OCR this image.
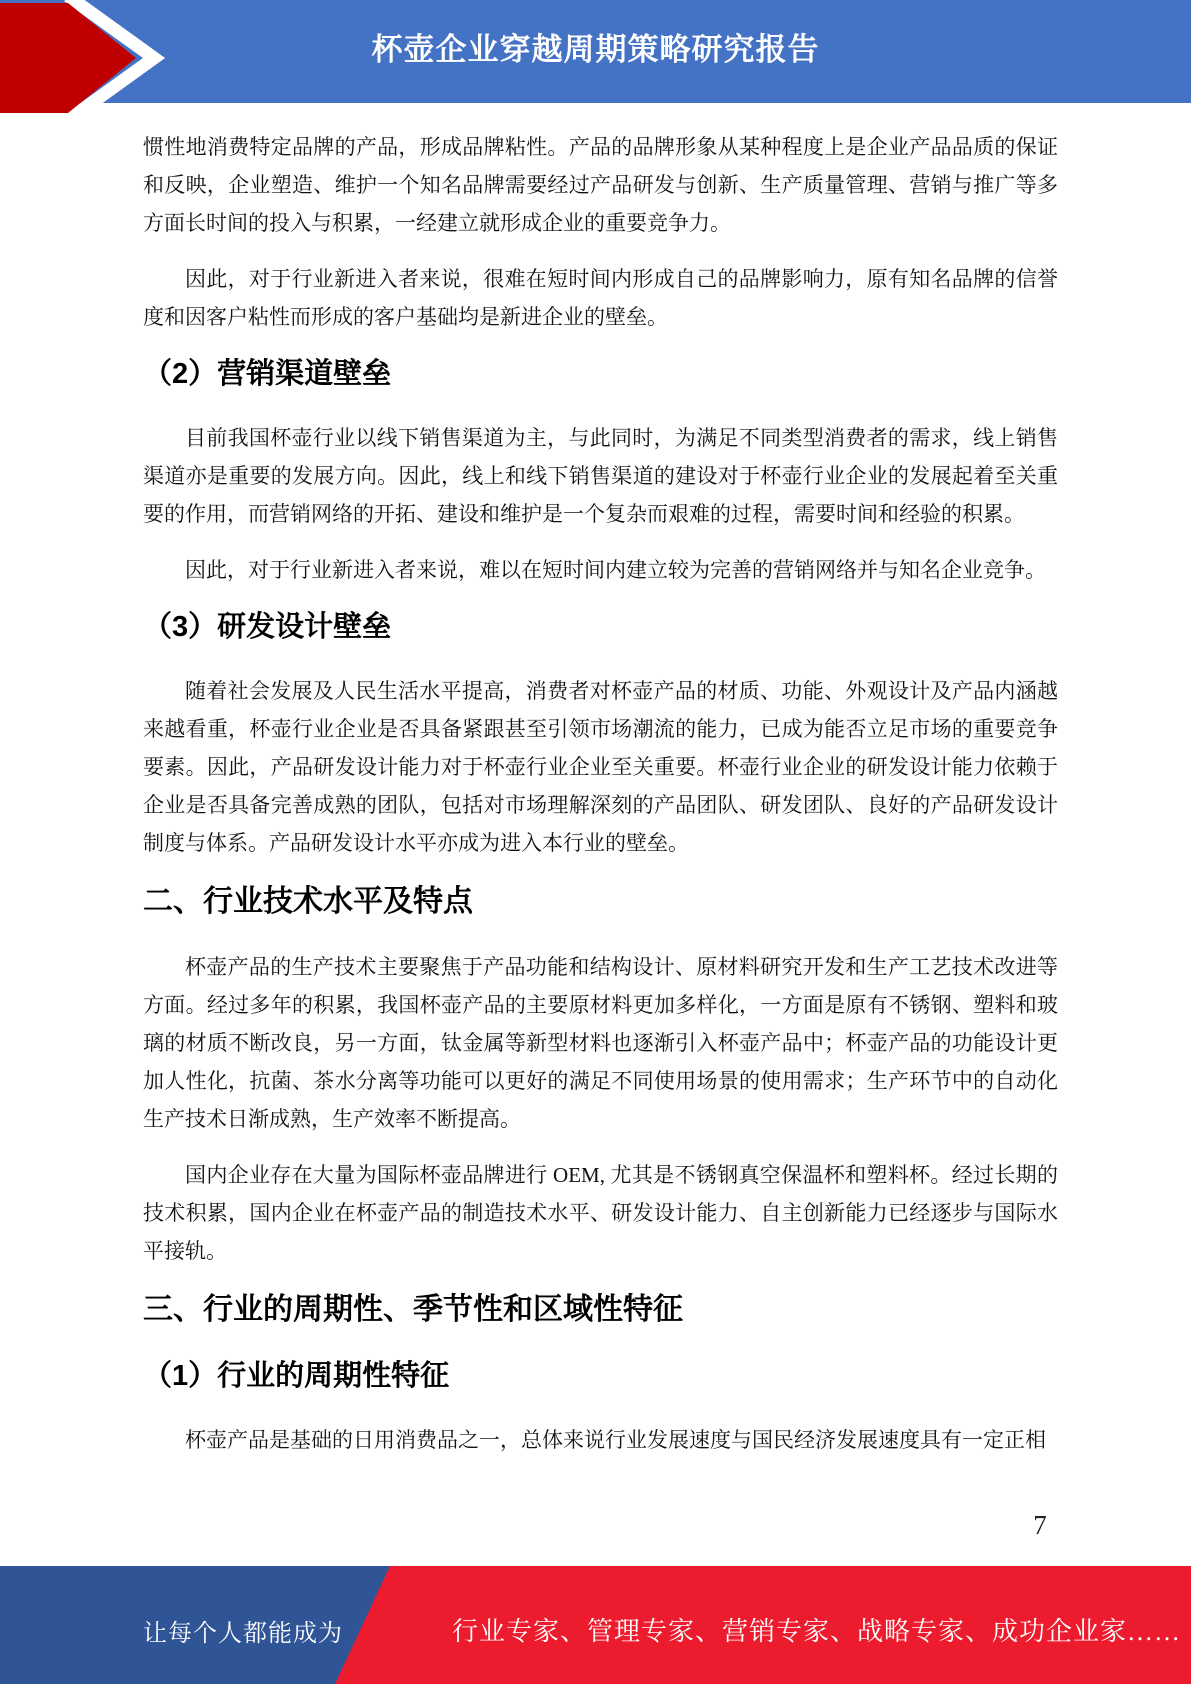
杯壶企业穿越周期策略研究报告

惯性地消费特定品牌的产品，形成品牌粘性。产品的品牌形象从某种程度上是企业产品品质的保证和反映，企业塑造、维护一个知名品牌需要经过产品研发与创新、生产质量管理、营销与推广等多方面长时间的投入与积累，一经建立就形成企业的重要竞争力。

因此，对于行业新进入者来说，很难在短时间内形成自己的品牌影响力，原有知名品牌的信誉度和因客户粘性而形成的客户基础均是新进企业的壁垒。

（2）营销渠道壁垒

目前我国杯壶行业以线下销售渠道为主，与此同时，为满足不同类型消费者的需求，线上销售渠道亦是重要的发展方向。因此，线上和线下销售渠道的建设对于杯壶行业企业的发展起着至关重要的作用，而营销网络的开拓、建设和维护是一个复杂而艰难的过程，需要时间和经验的积累。

因此，对于行业新进入者来说，难以在短时间内建立较为完善的营销网络并与知名企业竞争。

（3）研发设计壁垒

随着社会发展及人民生活水平提高，消费者对杯壶产品的材质、功能、外观设计及产品内涵越来越看重，杯壶行业企业是否具备紧跟甚至引领市场潮流的能力，已成为能否立足市场的重要竞争要素。因此，产品研发设计能力对于杯壶行业企业至关重要。杯壶行业企业的研发设计能力依赖于企业是否具备完善成熟的团队，包括对市场理解深刻的产品团队、研发团队、良好的产品研发设计制度与体系。产品研发设计水平亦成为进入本行业的壁垒。

二、行业技术水平及特点

杯壶产品的生产技术主要聚焦于产品功能和结构设计、原材料研究开发和生产工艺技术改进等方面。经过多年的积累，我国杯壶产品的主要原材料更加多样化，一方面是原有不锈钢、塑料和玻璃的材质不断改良，另一方面，钛金属等新型材料也逐渐引入杯壶产品中；杯壶产品的功能设计更加人性化，抗菌、茶水分离等功能可以更好的满足不同使用场景的使用需求；生产环节中的自动化生产技术日渐成熟，生产效率不断提高。

国内企业存在大量为国际杯壶品牌进行 OEM, 尤其是不锈钢真空保温杯和塑料杯。经过长期的技术积累，国内企业在杯壶产品的制造技术水平、研发设计能力、自主创新能力已经逐步与国际水平接轨。

三、行业的周期性、季节性和区域性特征
（1）行业的周期性特征

杯壶产品是基础的日用消费品之一，总体来说行业发展速度与国民经济发展速度具有一定正相

7
让每个人都能成为	行业专家、管理专家、营销专家、战略专家、成功企业家……
